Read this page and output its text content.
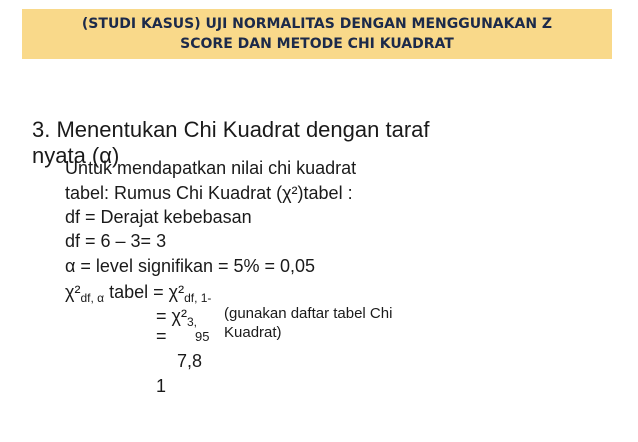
(STUDI KASUS) UJI NORMALITAS DENGAN MENGGUNAKAN Z
SCORE DAN METODE CHI KUADRAT
3. Menentukan Chi Kuadrat dengan taraf
nyata (α)
Untuk mendapatkan nilai chi kuadrat
tabel: Rumus Chi Kuadrat (χ²)tabel :
df = Derajat kebebasan
df = 6 – 3= 3
α = level signifikan = 5% = 0,05
$\chi^2_{df, \alpha}$ tabel = $\chi^2_{df, 1-}$
= $\chi^2_{3,}$
= 95
(gunakan daftar tabel Chi
Kuadrat)
7,8
1
